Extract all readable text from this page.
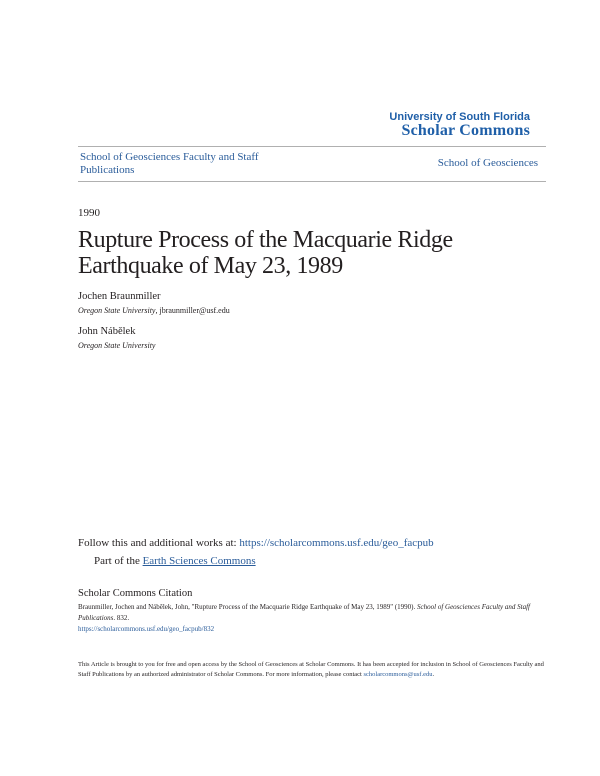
University of South Florida
Scholar Commons
School of Geosciences Faculty and Staff Publications
School of Geosciences
1990
Rupture Process of the Macquarie Ridge Earthquake of May 23, 1989
Jochen Braunmiller
Oregon State University, jbraunmiller@usf.edu
John Nábělek
Oregon State University
Follow this and additional works at: https://scholarcommons.usf.edu/geo_facpub
Part of the Earth Sciences Commons
Scholar Commons Citation
Braunmiller, Jochen and Nábělek, John, "Rupture Process of the Macquarie Ridge Earthquake of May 23, 1989" (1990). School of Geosciences Faculty and Staff Publications. 832.
https://scholarcommons.usf.edu/geo_facpub/832
This Article is brought to you for free and open access by the School of Geosciences at Scholar Commons. It has been accepted for inclusion in School of Geosciences Faculty and Staff Publications by an authorized administrator of Scholar Commons. For more information, please contact scholarcommons@usf.edu.
